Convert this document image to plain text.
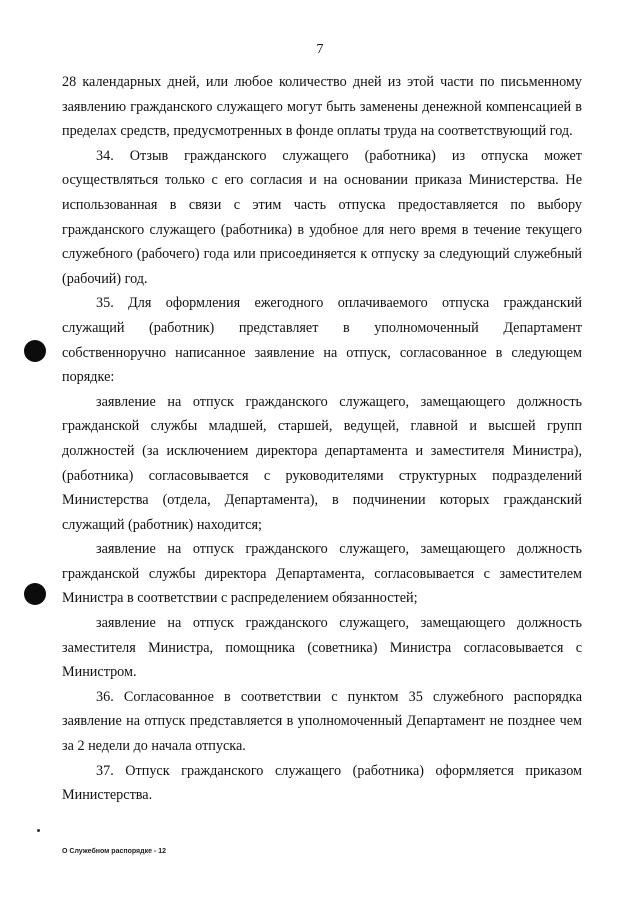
7

28 календарных дней, или любое количество дней из этой части по письменному заявлению гражданского служащего могут быть заменены денежной компенсацией в пределах средств, предусмотренных в фонде оплаты труда на соответствующий год.

34. Отзыв гражданского служащего (работника) из отпуска может осуществляться только с его согласия и на основании приказа Министерства. Не использованная в связи с этим часть отпуска предоставляется по выбору гражданского служащего (работника) в удобное для него время в течение текущего служебного (рабочего) года или присоединяется к отпуску за следующий служебный (рабочий) год.

35. Для оформления ежегодного оплачиваемого отпуска гражданский служащий (работник) представляет в уполномоченный Департамент собственноручно написанное заявление на отпуск, согласованное в следующем порядке:

заявление на отпуск гражданского служащего, замещающего должность гражданской службы младшей, старшей, ведущей, главной и высшей групп должностей (за исключением директора департамента и заместителя Министра), (работника) согласовывается с руководителями структурных подразделений Министерства (отдела, Департамента), в подчинении которых гражданский служащий (работник) находится;

заявление на отпуск гражданского служащего, замещающего должность гражданской службы директора Департамента, согласовывается с заместителем Министра в соответствии с распределением обязанностей;

заявление на отпуск гражданского служащего, замещающего должность заместителя Министра, помощника (советника) Министра согласовывается с Министром.

36. Согласованное в соответствии с пунктом 35 служебного распорядка заявление на отпуск представляется в уполномоченный Департамент не позднее чем за 2 недели до начала отпуска.

37. Отпуск гражданского служащего (работника) оформляется приказом Министерства.

О Служебном распорядке - 12
